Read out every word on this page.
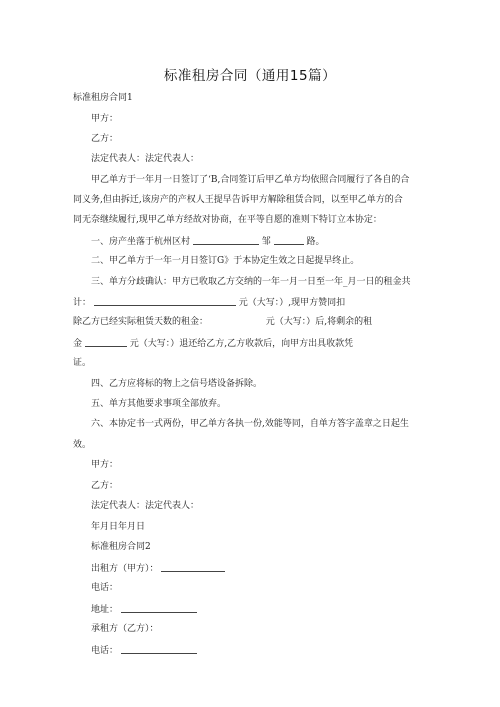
标准租房合同（通用15篇）
标准租房合同1
甲方：
乙方：
法定代表人：法定代表人：
甲乙单方于一年月一日签订了‘B,合同签订后甲乙单方均依照合同履行了各自的合
同义务,但由拆迁,该房产的产权人王提早告诉甲方解除租赁合同，以至甲乙单方的合
同无奈继续履行,现甲乙单方经故对协商，在平等自愿的准则下特订立本协定：
一、房产坐落于杭州区村	邹	路。
二、甲乙单方于一年一月日签订G》于本协定生效之日起提早终止。
三、单方分歧确认：甲方已收取乙方交纳的一年一月一日至一年_月一日的租金共
计：	元（大写：）,现甲方赞同扣
除乙方已经实际租赁天数的租金：	元（大写：）后,将剩余的租
金	元（大写：）退还给乙方,乙方收款后，向甲方出具收款凭
证。
四、乙方应将标的物上之信号塔设备拆除。
五、单方其他要求事项全部放弃。
六、本协定书一式两份，甲乙单方各执一份,效能等同，自单方答字盖章之日起生
效。
甲方：
乙方：
法定代表人：法定代表人：
年月日年月日
标准租房合同2
出租方（甲方）：
电话：
地址：
承租方（乙方）：
电话：
